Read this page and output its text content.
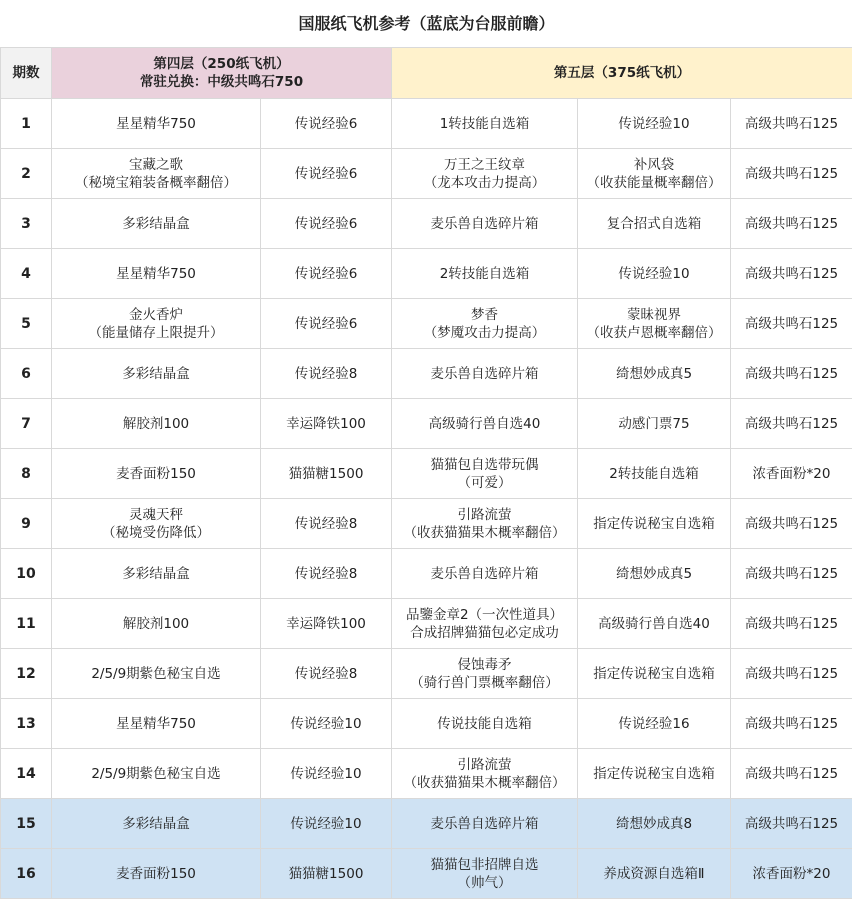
国服纸飞机参考（蓝底为台服前瞻）					
期数	第四层（250纸飞机）
常驻兑换：中级共鸣石750		第五层（375纸飞机）		
1	星星精华750	传说经验6	1转技能自选箱	传说经验10	高级共鸣石125

2	宝藏之歌
（秘境宝箱装备概率翻倍）	传说经验6	万王之王纹章
（龙本攻击力提高）	补风袋
（收获能量概率翻倍）	高级共鸣石125

3	多彩结晶盒	传说经验6	麦乐兽自选碎片箱	复合招式自选箱	高级共鸣石125

4	星星精华750	传说经验6	2转技能自选箱	传说经验10	高级共鸣石125

5	金火香炉
（能量储存上限提升）	传说经验6	梦香
（梦魇攻击力提高）	蒙昧视界
（收获卢恩概率翻倍）	高级共鸣石125

6	多彩结晶盒	传说经验8	麦乐兽自选碎片箱	绮想妙成真5	高级共鸣石125

7	解胶剂100	幸运降铁100	高级骑行兽自选40	动感门票75	高级共鸣石125

8	麦香面粉150	猫猫糖1500	猫猫包自选带玩偶
（可爱）	2转技能自选箱	浓香面粉*20

9	灵魂天秤
（秘境受伤降低）	传说经验8	引路流萤
（收获猫猫果木概率翻倍）	指定传说秘宝自选箱	高级共鸣石125

10	多彩结晶盒	传说经验8	麦乐兽自选碎片箱	绮想妙成真5	高级共鸣石125

11	解胶剂100	幸运降铁100	品鑒金章2（一次性道具）
合成招牌猫猫包必定成功	高级骑行兽自选40	高级共鸣石125

12	2/5/9期紫色秘宝自选	传说经验8	侵蚀毒矛
（骑行兽门票概率翻倍）	指定传说秘宝自选箱	高级共鸣石125

13	星星精华750	传说经验10	传说技能自选箱	传说经验16	高级共鸣石125

14	2/5/9期紫色秘宝自选	传说经验10	引路流萤
（收获猫猫果木概率翻倍）	指定传说秘宝自选箱	高级共鸣石125

15	多彩结晶盒	传说经验10	麦乐兽自选碎片箱	绮想妙成真8	高级共鸣石125

16	麦香面粉150	猫猫糖1500	猫猫包非招牌自选
（帅气）	养成资源自选箱Ⅱ	浓香面粉*20
